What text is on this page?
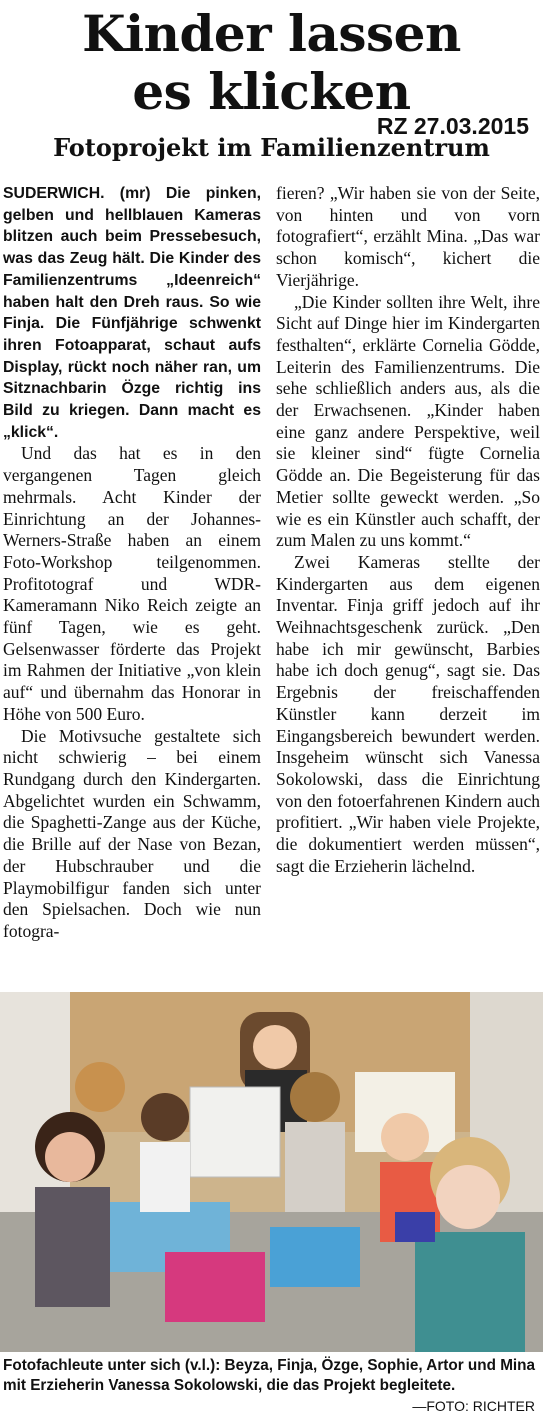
Kinder lassen
es klicken
RZ 27.03.2015
Fotoprojekt im Familienzentrum

SUDERWICH. (mr) Die pinken, gelben und hellblauen Kameras blitzen auch beim Pressebesuch, was das Zeug hält. Die Kinder des Familienzentrums „Ideenreich“ haben halt den Dreh raus. So wie Finja. Die Fünfjährige schwenkt ihren Fotoapparat, schaut aufs Display, rückt noch näher ran, um Sitznachbarin Özge richtig ins Bild zu kriegen. Dann macht es „klick“.

Und das hat es in den vergangenen Tagen gleich mehrmals. Acht Kinder der Einrichtung an der Johannes-Werners-Straße haben an einem Foto-Workshop teilgenommen. Profitotograf und WDR-Kameramann Niko Reich zeigte an fünf Tagen, wie es geht. Gelsenwasser förderte das Projekt im Rahmen der Initiative „von klein auf“ und übernahm das Honorar in Höhe von 500 Euro.

Die Motivsuche gestaltete sich nicht schwierig – bei einem Rundgang durch den Kindergarten. Abgelichtet wurden ein Schwamm, die Spaghetti-Zange aus der Küche, die Brille auf der Nase von Bezan, der Hubschrauber und die Playmobilfigur fanden sich unter den Spielsachen. Doch wie nun fotogra-

fieren? „Wir haben sie von der Seite, von hinten und von vorn fotografiert“, erzählt Mina. „Das war schon komisch“, kichert die Vierjährige.

„Die Kinder sollten ihre Welt, ihre Sicht auf Dinge hier im Kindergarten festhalten“, erklärte Cornelia Gödde, Leiterin des Familienzentrums. Die sehe schließlich anders aus, als die der Erwachsenen. „Kinder haben eine ganz andere Perspektive, weil sie kleiner sind“ fügte Cornelia Gödde an. Die Begeisterung für das Metier sollte geweckt werden. „So wie es ein Künstler auch schafft, der zum Malen zu uns kommt.“

Zwei Kameras stellte der Kindergarten aus dem eigenen Inventar. Finja griff jedoch auf ihr Weihnachtsgeschenk zurück. „Den habe ich mir gewünscht, Barbies habe ich doch genug“, sagt sie. Das Ergebnis der freischaffenden Künstler kann derzeit im Eingangsbereich bewundert werden. Insgeheim wünscht sich Vanessa Sokolowski, dass die Einrichtung von den fotoerfahrenen Kindern auch profitiert. „Wir haben viele Projekte, die dokumentiert werden müssen“, sagt die Erzieherin lächelnd.

Fotofachleute unter sich (v.l.): Beyza, Finja, Özge, Sophie, Artor und Mina mit Erzieherin Vanessa Sokolowski, die das Projekt begleitete.
—FOTO: RICHTER
